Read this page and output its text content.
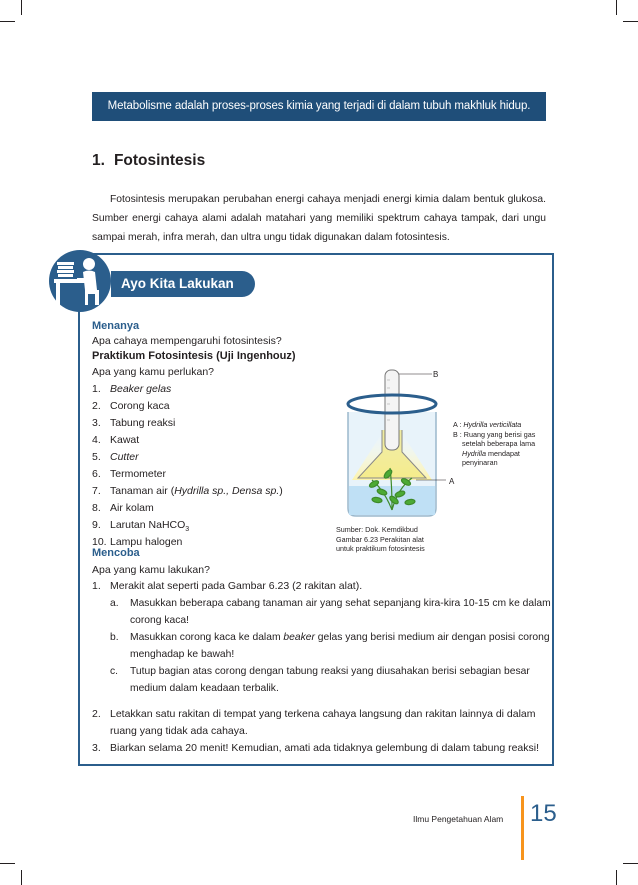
Metabolisme adalah proses-proses kimia yang terjadi di dalam tubuh makhluk hidup.
1. Fotosintesis
Fotosintesis merupakan perubahan energi cahaya menjadi energi kimia dalam bentuk glukosa. Sumber energi cahaya alami adalah matahari yang memiliki spektrum cahaya tampak, dari ungu sampai merah, infra merah, dan ultra ungu tidak digunakan dalam fotosintesis.
Ayo Kita Lakukan
Menanya
Apa cahaya mempengaruhi fotosintesis?
Praktikum Fotosintesis (Uji Ingenhouz)
Apa yang kamu perlukan?
1. Beaker gelas
2. Corong kaca
3. Tabung reaksi
4. Kawat
5. Cutter
6. Termometer
7. Tanaman air (Hydrilla sp., Densa sp.)
8. Air kolam
9. Larutan NaHCO$_3$
10. Lampu halogen
B
A
A : Hydrilla verticillata
B : Ruang yang berisi gas
setelah beberapa lama
Hydrilla mendapat
penyinaran
Sumber: Dok. Kemdikbud
Gambar 6.23 Perakitan alat
untuk praktikum fotosintesis
Mencoba
Apa yang kamu lakukan?
1. Merakit alat seperti pada Gambar 6.23 (2 rakitan alat).
a. Masukkan beberapa cabang tanaman air yang sehat sepanjang kira-kira 10-15 cm ke dalam
corong kaca!
b. Masukkan corong kaca ke dalam beaker gelas yang berisi medium air dengan posisi corong
menghadap ke bawah!
c. Tutup bagian atas corong dengan tabung reaksi yang diusahakan berisi sebagian besar
medium dalam keadaan terbalik.
2. Letakkan satu rakitan di tempat yang terkena cahaya langsung dan rakitan lainnya di dalam
ruang yang tidak ada cahaya.
3. Biarkan selama 20 menit! Kemudian, amati ada tidaknya gelembung di dalam tabung reaksi!
Ilmu Pengetahuan Alam 15
